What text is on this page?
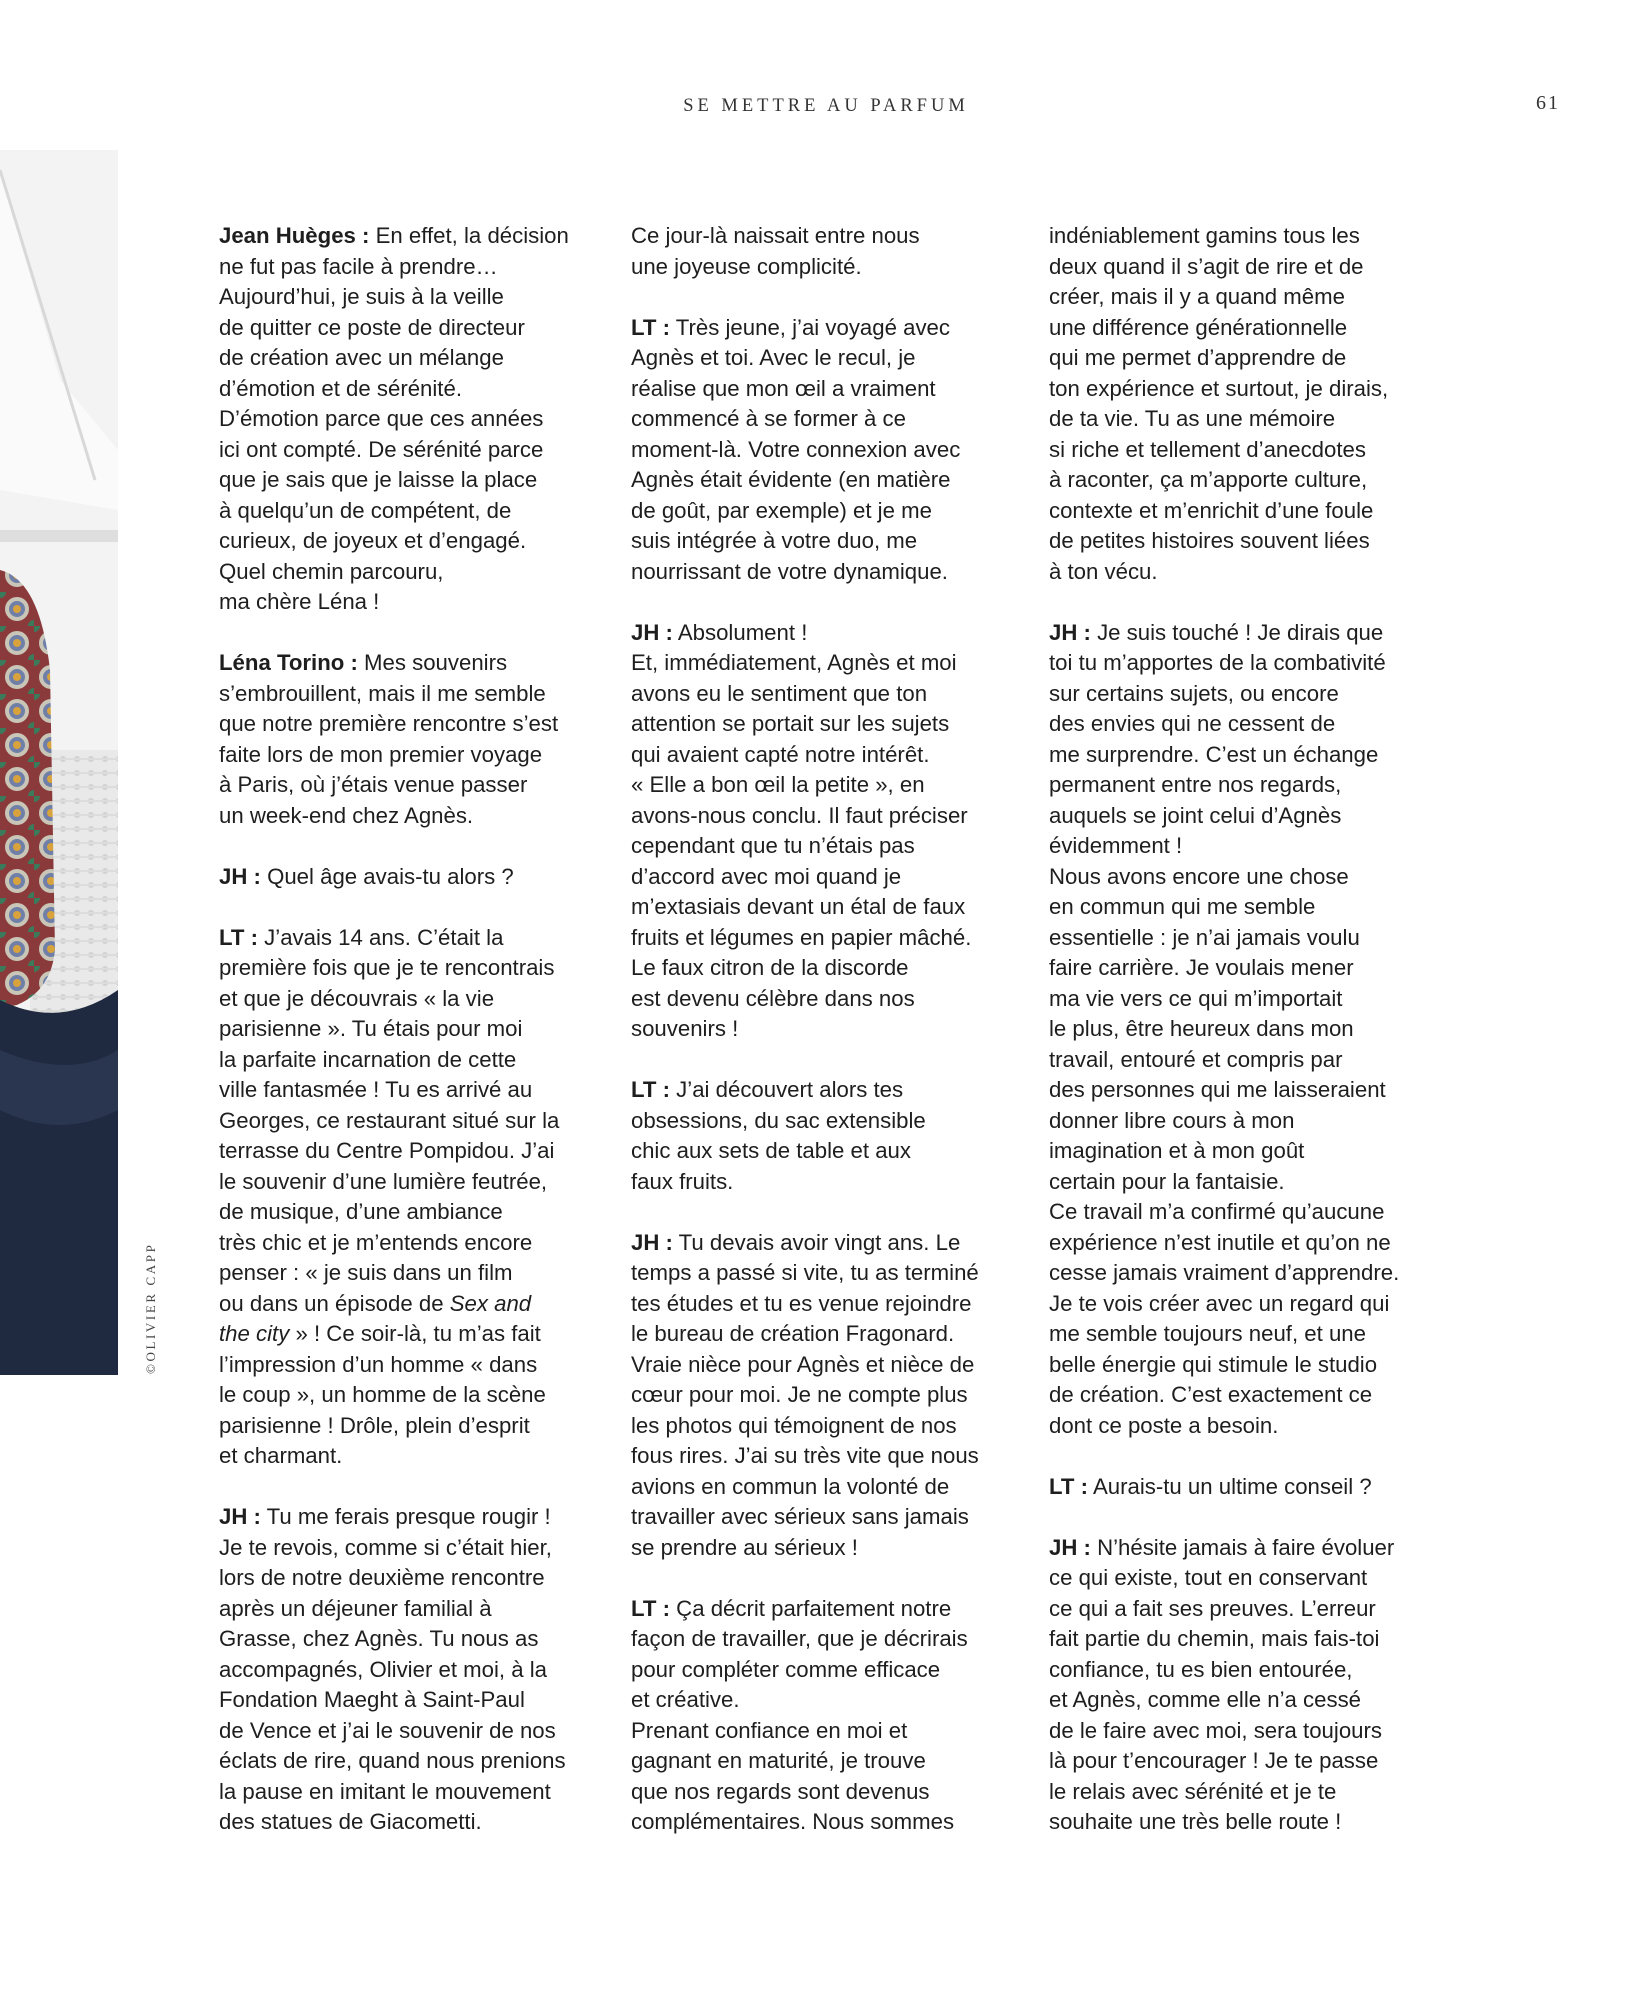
SE METTRE AU PARFUM	61
©OLIVIER CAPP
Jean Huèges : En effet, la décision
ne fut pas facile à prendre…
Aujourd’hui, je suis à la veille
de quitter ce poste de directeur
de création avec un mélange
d’émotion et de sérénité.
D’émotion parce que ces années
ici ont compté. De sérénité parce
que je sais que je laisse la place
à quelqu’un de compétent, de
curieux, de joyeux et d’engagé.
Quel chemin parcouru,
ma chère Léna !
Léna Torino : Mes souvenirs
s’embrouillent, mais il me semble
que notre première rencontre s’est
faite lors de mon premier voyage
à Paris, où j’étais venue passer
un week-end chez Agnès.
JH : Quel âge avais-tu alors ?
LT : J’avais 14 ans. C’était la
première fois que je te rencontrais
et que je découvrais « la vie
parisienne ». Tu étais pour moi
la parfaite incarnation de cette
ville fantasmée ! Tu es arrivé au
Georges, ce restaurant situé sur la
terrasse du Centre Pompidou. J’ai
le souvenir d’une lumière feutrée,
de musique, d’une ambiance
très chic et je m’entends encore
penser : « je suis dans un film
ou dans un épisode de Sex and
the city » ! Ce soir-là, tu m’as fait
l’impression d’un homme « dans
le coup », un homme de la scène
parisienne ! Drôle, plein d’esprit
et charmant.
JH : Tu me ferais presque rougir !
Je te revois, comme si c’était hier,
lors de notre deuxième rencontre
après un déjeuner familial à
Grasse, chez Agnès. Tu nous as
accompagnés, Olivier et moi, à la
Fondation Maeght à Saint-Paul
de Vence et j’ai le souvenir de nos
éclats de rire, quand nous prenions
la pause en imitant le mouvement
des statues de Giacometti.
Ce jour-là naissait entre nous
une joyeuse complicité.
LT : Très jeune, j’ai voyagé avec
Agnès et toi. Avec le recul, je
réalise que mon œil a vraiment
commencé à se former à ce
moment-là. Votre connexion avec
Agnès était évidente (en matière
de goût, par exemple) et je me
suis intégrée à votre duo, me
nourrissant de votre dynamique.
JH : Absolument !
Et, immédiatement, Agnès et moi
avons eu le sentiment que ton
attention se portait sur les sujets
qui avaient capté notre intérêt.
« Elle a bon œil la petite », en
avons-nous conclu. Il faut préciser
cependant que tu n’étais pas
d’accord avec moi quand je
m’extasiais devant un étal de faux
fruits et légumes en papier mâché.
Le faux citron de la discorde
est devenu célèbre dans nos
souvenirs !
LT : J’ai découvert alors tes
obsessions, du sac extensible
chic aux sets de table et aux
faux fruits.
JH : Tu devais avoir vingt ans. Le
temps a passé si vite, tu as terminé
tes études et tu es venue rejoindre
le bureau de création Fragonard.
Vraie nièce pour Agnès et nièce de
cœur pour moi. Je ne compte plus
les photos qui témoignent de nos
fous rires. J’ai su très vite que nous
avions en commun la volonté de
travailler avec sérieux sans jamais
se prendre au sérieux !
LT : Ça décrit parfaitement notre
façon de travailler, que je décrirais
pour compléter comme efficace
et créative.
Prenant confiance en moi et
gagnant en maturité, je trouve
que nos regards sont devenus
complémentaires. Nous sommes
indéniablement gamins tous les
deux quand il s’agit de rire et de
créer, mais il y a quand même
une différence générationnelle
qui me permet d’apprendre de
ton expérience et surtout, je dirais,
de ta vie. Tu as une mémoire
si riche et tellement d’anecdotes
à raconter, ça m’apporte culture,
contexte et m’enrichit d’une foule
de petites histoires souvent liées
à ton vécu.
JH : Je suis touché ! Je dirais que
toi tu m’apportes de la combativité
sur certains sujets, ou encore
des envies qui ne cessent de
me surprendre. C’est un échange
permanent entre nos regards,
auquels se joint celui d’Agnès
évidemment !
Nous avons encore une chose
en commun qui me semble
essentielle : je n’ai jamais voulu
faire carrière. Je voulais mener
ma vie vers ce qui m’importait
le plus, être heureux dans mon
travail, entouré et compris par
des personnes qui me laisseraient
donner libre cours à mon
imagination et à mon goût
certain pour la fantaisie.
Ce travail m’a confirmé qu’aucune
expérience n’est inutile et qu’on ne
cesse jamais vraiment d’apprendre.
Je te vois créer avec un regard qui
me semble toujours neuf, et une
belle énergie qui stimule le studio
de création. C’est exactement ce
dont ce poste a besoin.
LT : Aurais-tu un ultime conseil ?
JH : N’hésite jamais à faire évoluer
ce qui existe, tout en conservant
ce qui a fait ses preuves. L’erreur
fait partie du chemin, mais fais-toi
confiance, tu es bien entourée,
et Agnès, comme elle n’a cessé
de le faire avec moi, sera toujours
là pour t’encourager ! Je te passe
le relais avec sérénité et je te
souhaite une très belle route !
